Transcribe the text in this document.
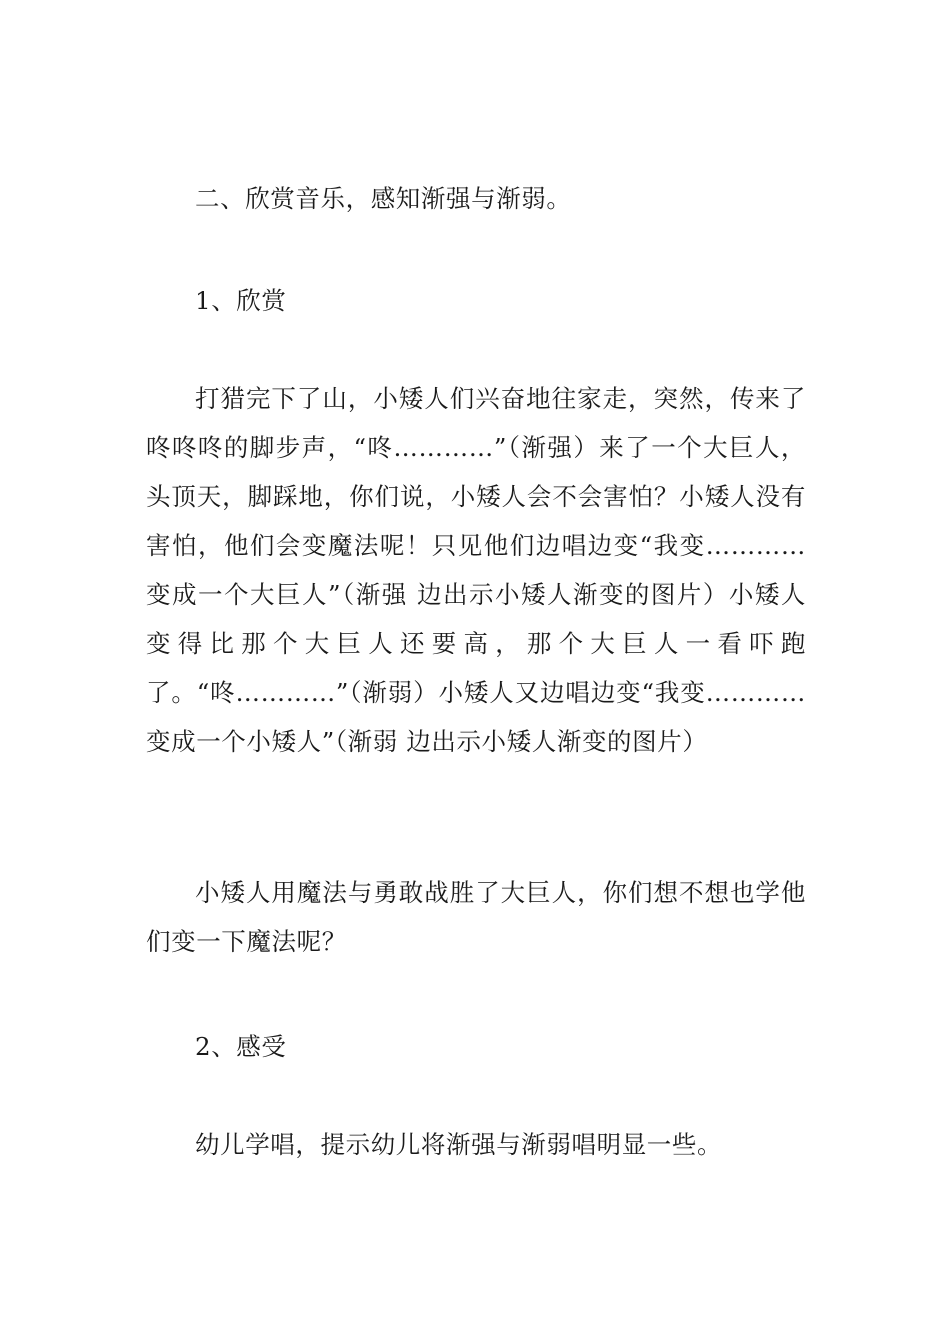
二、欣赏音乐，感知渐强与渐弱。

1、欣赏

打猎完下了山，小矮人们兴奋地往家走，突然，传来了咚咚咚的脚步声，“咚…………”（渐强）来了一个大巨人，头顶天，脚踩地，你们说，小矮人会不会害怕？小矮人没有害怕，他们会变魔法呢！只见他们边唱边变“我变…………变成一个大巨人”（渐强 边出示小矮人渐变的图片）小矮人变得比那个大巨人还要高，那个大巨人一看吓跑了。“咚…………”（渐弱）小矮人又边唱边变“我变…………变成一个小矮人”（渐弱 边出示小矮人渐变的图片）

小矮人用魔法与勇敢战胜了大巨人，你们想不想也学他们变一下魔法呢？

2、感受

幼儿学唱，提示幼儿将渐强与渐弱唱明显一些。
